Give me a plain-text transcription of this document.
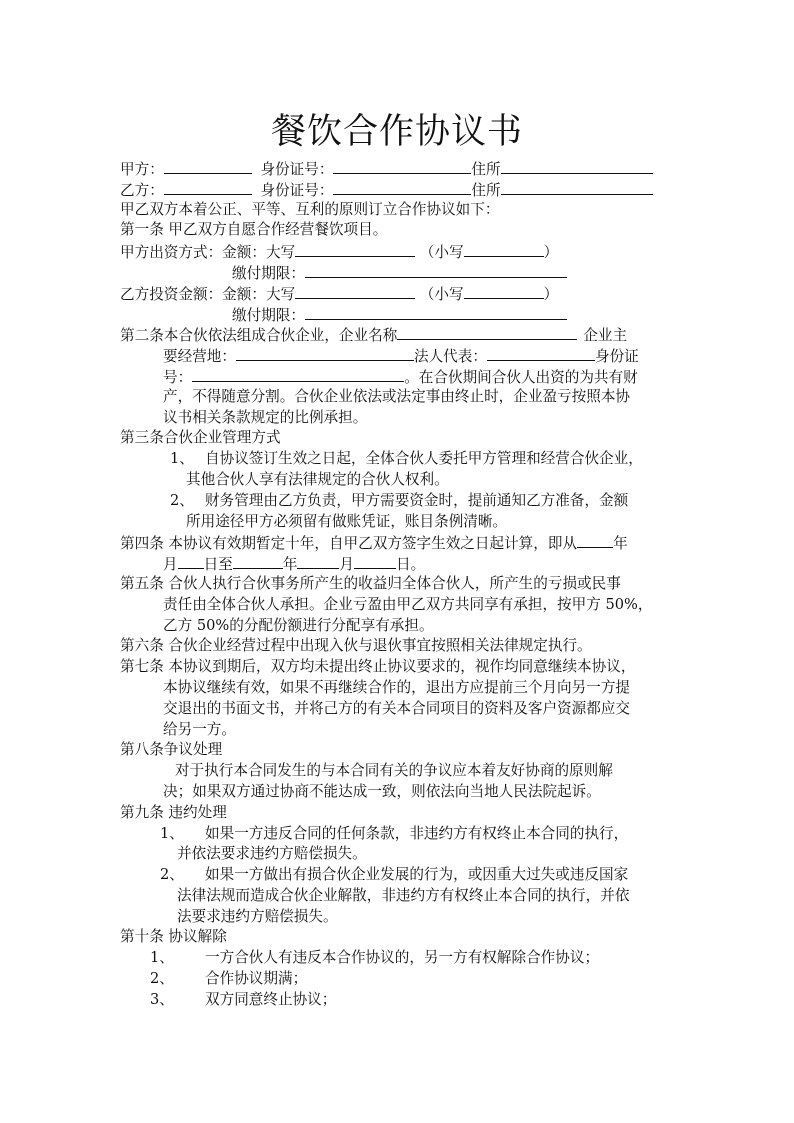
餐饮合作协议书
甲方：	身份证号：	住所
乙方：	身份证号：	住所
甲乙双方本着公正、平等、互利的原则订立合作协议如下：
第一条 甲乙双方自愿合作经营餐饮项目。
甲方出资方式：金额：大写	（小写	）
缴付期限：
乙方投资金额：金额：大写	（小写	）
缴付期限：
第二条本合伙依法组成合伙企业，企业名称	企业主
要经营地：	法人代表：	身份证
号：	。在合伙期间合伙人出资的为共有财
产，不得随意分割。合伙企业依法或法定事由终止时，企业盈亏按照本协
议书相关条款规定的比例承担。
第三条合伙企业管理方式
1、 自协议签订生效之日起，全体合伙人委托甲方管理和经营合伙企业，
其他合伙人享有法律规定的合伙人权利。
2、 财务管理由乙方负责，甲方需要资金时，提前通知乙方准备，金额
所用途径甲方必须留有做账凭证，账目条例清晰。
第四条 本协议有效期暂定十年，自甲乙双方签字生效之日起计算，即从 年
月 日至	年	月	日。
第五条 合伙人执行合伙事务所产生的收益归全体合伙人，所产生的亏损或民事
责任由全体合伙人承担。企业亏盈由甲乙双方共同享有承担，按甲方 50%，
乙方 50%的分配份额进行分配享有承担。
第六条 合伙企业经营过程中出现入伙与退伙事宜按照相关法律规定执行。
第七条 本协议到期后，双方均未提出终止协议要求的，视作均同意继续本协议，
本协议继续有效，如果不再继续合作的，退出方应提前三个月向另一方提
交退出的书面文书，并将己方的有关本合同项目的资料及客户资源都应交
给另一方。
第八条争议处理
对于执行本合同发生的与本合同有关的争议应本着友好协商的原则解
决；如果双方通过协商不能达成一致，则依法向当地人民法院起诉。
第九条 违约处理
1、 如果一方违反合同的任何条款，非违约方有权终止本合同的执行，
并依法要求违约方赔偿损失。
2、 如果一方做出有损合伙企业发展的行为，或因重大过失或违反国家
法律法规而造成合伙企业解散，非违约方有权终止本合同的执行，并依
法要求违约方赔偿损失。
第十条 协议解除
1、 一方合伙人有违反本合作协议的，另一方有权解除合作协议；
2、 合作协议期满；
3、 双方同意终止协议；
